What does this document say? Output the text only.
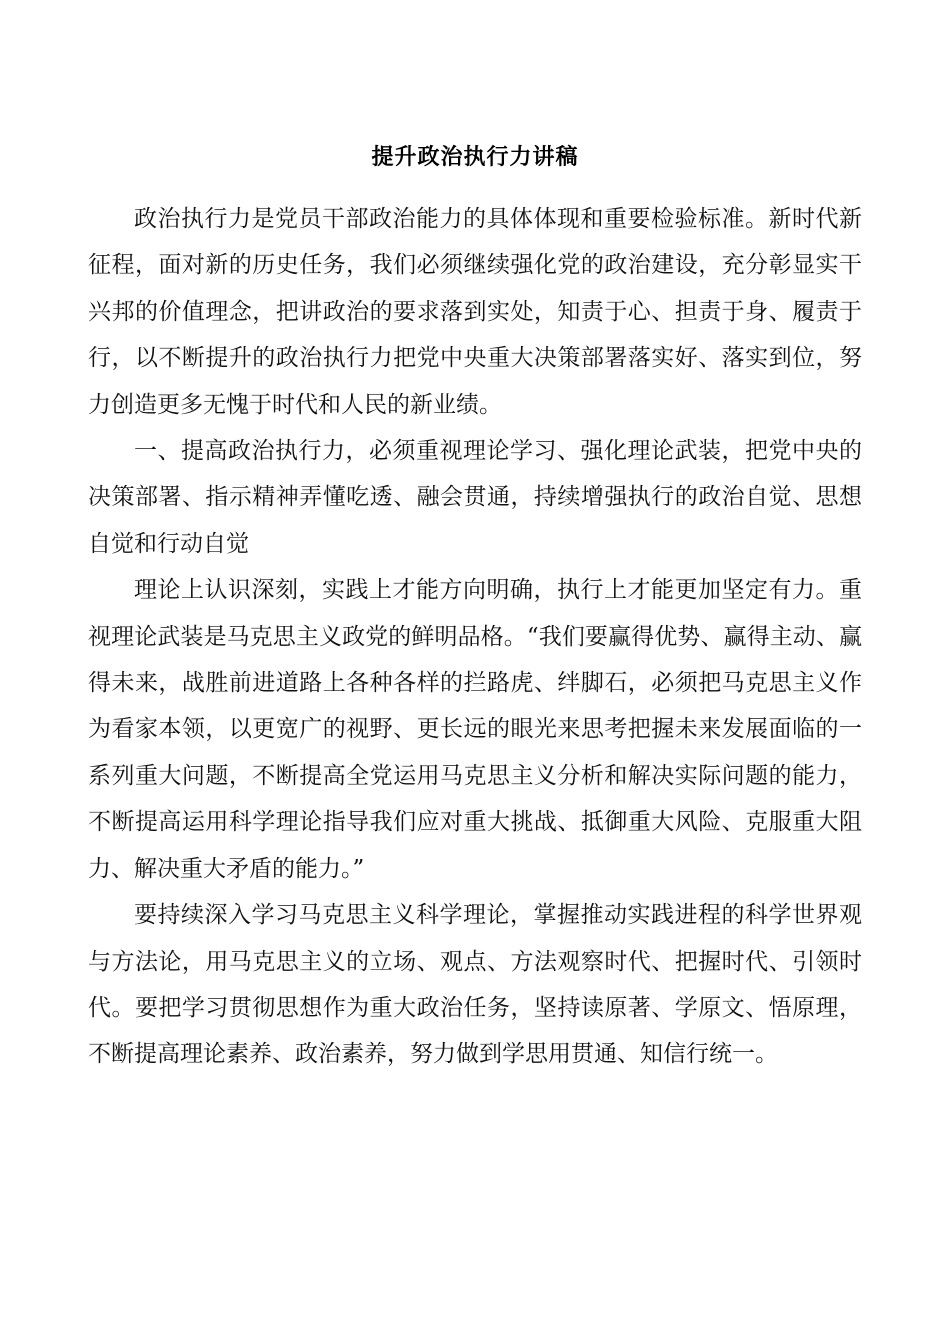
提升政治执行力讲稿

政治执行力是党员干部政治能力的具体体现和重要检验标准。新时代新征程，面对新的历史任务，我们必须继续强化党的政治建设，充分彰显实干兴邦的价值理念，把讲政治的要求落到实处，知责于心、担责于身、履责于行，以不断提升的政治执行力把党中央重大决策部署落实好、落实到位，努力创造更多无愧于时代和人民的新业绩。

一、提高政治执行力，必须重视理论学习、强化理论武装，把党中央的决策部署、指示精神弄懂吃透、融会贯通，持续增强执行的政治自觉、思想自觉和行动自觉

理论上认识深刻，实践上才能方向明确，执行上才能更加坚定有力。重视理论武装是马克思主义政党的鲜明品格。“我们要赢得优势、赢得主动、赢得未来，战胜前进道路上各种各样的拦路虎、绊脚石，必须把马克思主义作为看家本领，以更宽广的视野、更长远的眼光来思考把握未来发展面临的一系列重大问题，不断提高全党运用马克思主义分析和解决实际问题的能力，不断提高运用科学理论指导我们应对重大挑战、抵御重大风险、克服重大阻力、解决重大矛盾的能力。”

要持续深入学习马克思主义科学理论，掌握推动实践进程的科学世界观与方法论，用马克思主义的立场、观点、方法观察时代、把握时代、引领时代。要把学习贯彻思想作为重大政治任务，坚持读原著、学原文、悟原理，不断提高理论素养、政治素养，努力做到学思用贯通、知信行统一。
